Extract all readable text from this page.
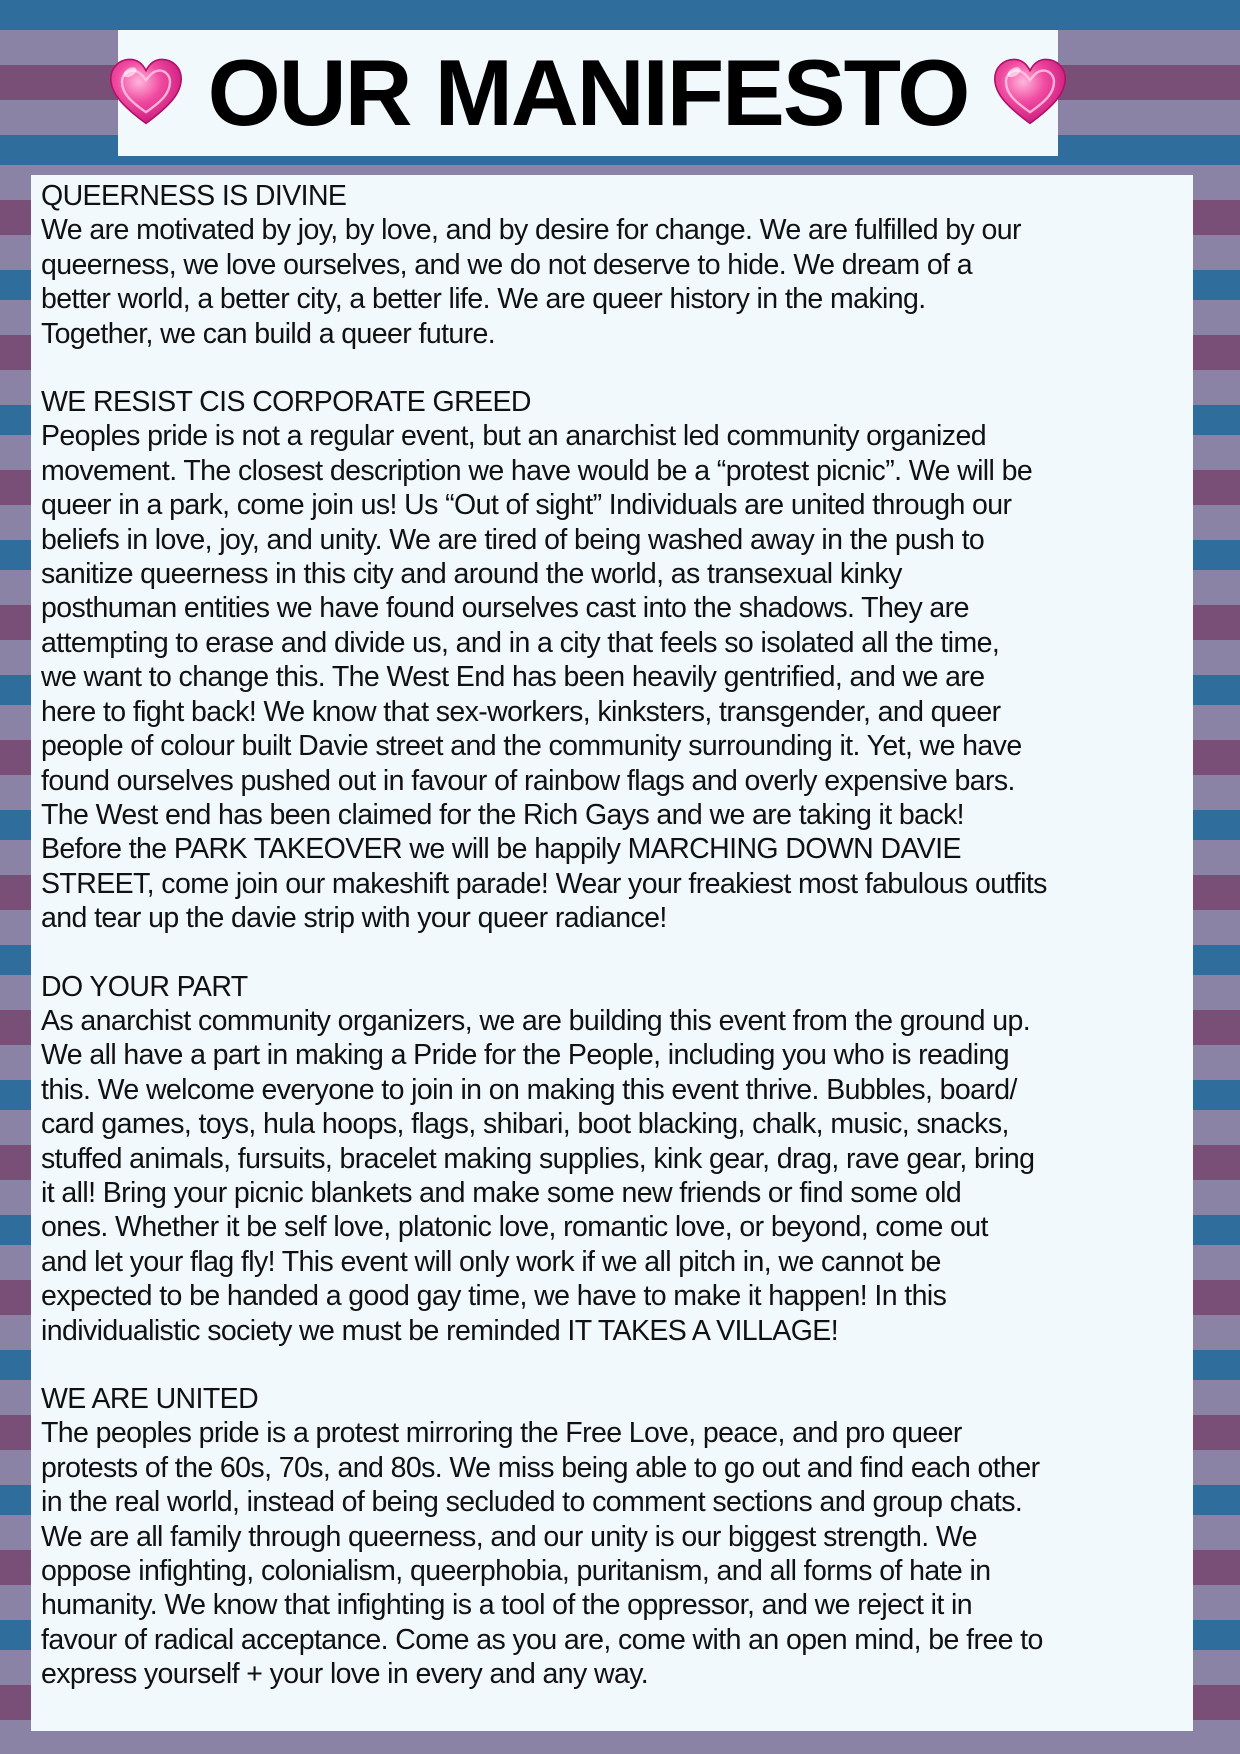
OUR MANIFESTO
QUEERNESS IS DIVINE
We are motivated by joy, by love, and by desire for change. We are fulfilled by our
queerness, we love ourselves, and we do not deserve to hide. We dream of a
better world, a better city, a better life. We are queer history in the making.
Together, we can build a queer future.
WE RESIST CIS CORPORATE GREED
Peoples pride is not a regular event, but an anarchist led community organized
movement. The closest description we have would be a “protest picnic”. We will be
queer in a park, come join us! Us “Out of sight” Individuals are united through our
beliefs in love, joy, and unity. We are tired of being washed away in the push to
sanitize queerness in this city and around the world, as transexual kinky
posthuman entities we have found ourselves cast into the shadows. They are
attempting to erase and divide us, and in a city that feels so isolated all the time,
we want to change this. The West End has been heavily gentrified, and we are
here to fight back! We know that sex-workers, kinksters, transgender, and queer
people of colour built Davie street and the community surrounding it. Yet, we have
found ourselves pushed out in favour of rainbow flags and overly expensive bars.
The West end has been claimed for the Rich Gays and we are taking it back!
Before the PARK TAKEOVER we will be happily MARCHING DOWN DAVIE
STREET, come join our makeshift parade! Wear your freakiest most fabulous outfits
and tear up the davie strip with your queer radiance!
DO YOUR PART
As anarchist community organizers, we are building this event from the ground up.
We all have a part in making a Pride for the People, including you who is reading
this. We welcome everyone to join in on making this event thrive. Bubbles, board/
card games, toys, hula hoops, flags, shibari, boot blacking, chalk, music, snacks,
stuffed animals, fursuits, bracelet making supplies, kink gear, drag, rave gear, bring
it all! Bring your picnic blankets and make some new friends or find some old
ones. Whether it be self love, platonic love, romantic love, or beyond, come out
and let your flag fly! This event will only work if we all pitch in, we cannot be
expected to be handed a good gay time, we have to make it happen! In this
individualistic society we must be reminded IT TAKES A VILLAGE!
WE ARE UNITED
The peoples pride is a protest mirroring the Free Love, peace, and pro queer
protests of the 60s, 70s, and 80s. We miss being able to go out and find each other
in the real world, instead of being secluded to comment sections and group chats.
We are all family through queerness, and our unity is our biggest strength. We
oppose infighting, colonialism, queerphobia, puritanism, and all forms of hate in
humanity. We know that infighting is a tool of the oppressor, and we reject it in
favour of radical acceptance. Come as you are, come with an open mind, be free to
express yourself + your love in every and any way.
